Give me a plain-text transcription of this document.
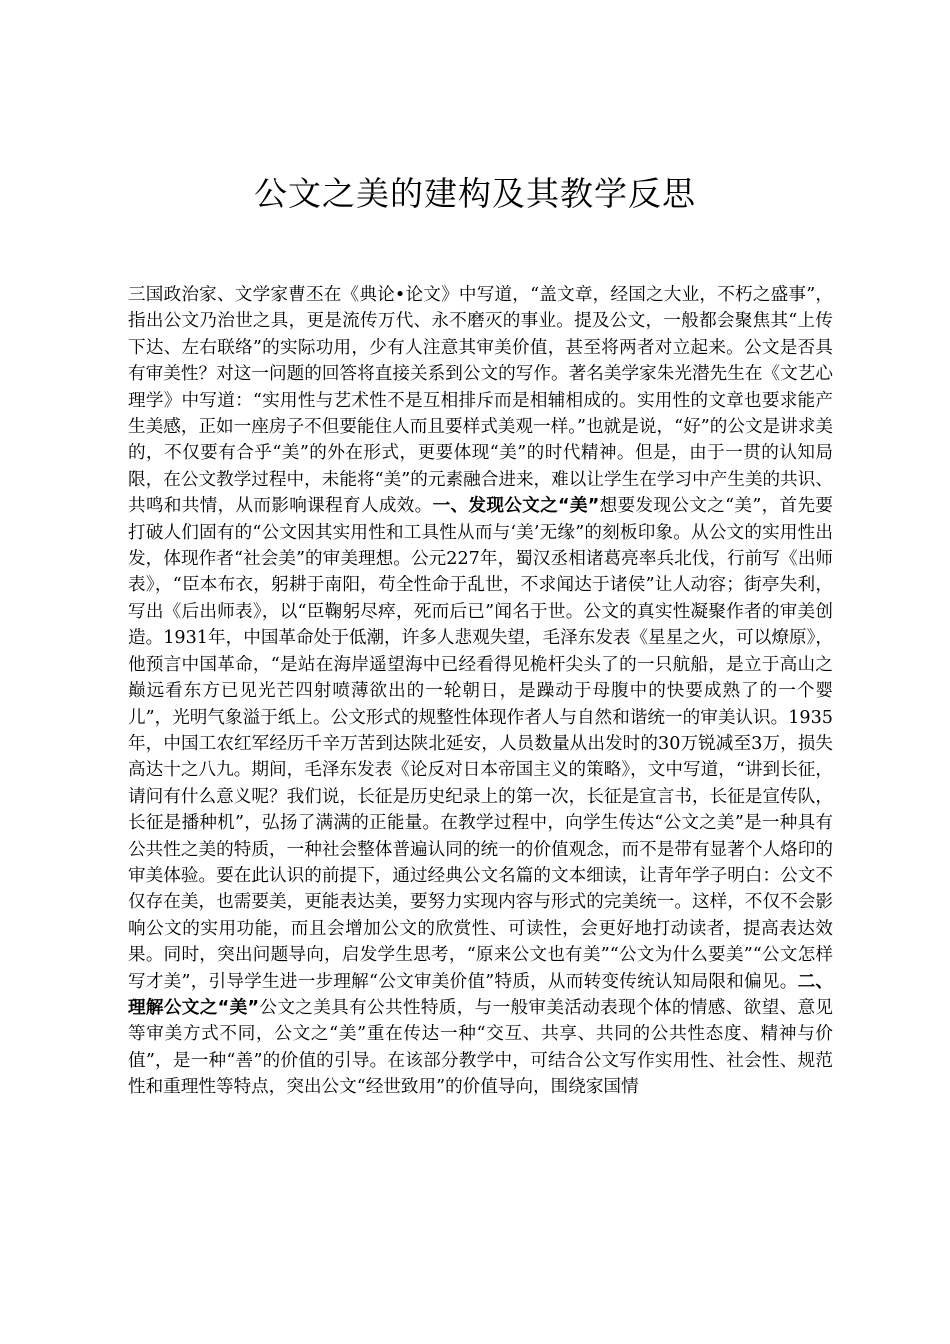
公文之美的建构及其教学反思

三国政治家、文学家曹丕在《典论•论文》中写道，“盖文章，经国之大业，不朽之盛事”，指出公文乃治世之具，更是流传万代、永不磨灭的事业。提及公文，一般都会聚焦其“上传下达、左右联络”的实际功用，少有人注意其审美价值，甚至将两者对立起来。公文是否具有审美性？对这一问题的回答将直接关系到公文的写作。著名美学家朱光潜先生在《文艺心理学》中写道：“实用性与艺术性不是互相排斥而是相辅相成的。实用性的文章也要求能产生美感，正如一座房子不但要能住人而且要样式美观一样。”也就是说，“好”的公文是讲求美的，不仅要有合乎“美”的外在形式，更要体现“美”的时代精神。但是，由于一贯的认知局限，在公文教学过程中，未能将“美”的元素融合进来，难以让学生在学习中产生美的共识、共鸣和共情，从而影响课程育人成效。一、发现公文之“美”想要发现公文之“美”，首先要打破人们固有的“公文因其实用性和工具性从而与‘美’无缘”的刻板印象。从公文的实用性出发，体现作者“社会美”的审美理想。公元227年，蜀汉丞相诸葛亮率兵北伐，行前写《出师表》，“臣本布衣，躬耕于南阳，苟全性命于乱世，不求闻达于诸侯”让人动容；街亭失利，写出《后出师表》，以“臣鞠躬尽瘁，死而后已”闻名于世。公文的真实性凝聚作者的审美创造。1931年，中国革命处于低潮，许多人悲观失望，毛泽东发表《星星之火，可以燎原》，他预言中国革命，“是站在海岸遥望海中已经看得见桅杆尖头了的一只航船，是立于高山之巅远看东方已见光芒四射喷薄欲出的一轮朝日，是躁动于母腹中的快要成熟了的一个婴儿”，光明气象溢于纸上。公文形式的规整性体现作者人与自然和谐统一的审美认识。1935年，中国工农红军经历千辛万苦到达陕北延安，人员数量从出发时的30万锐减至3万，损失高达十之八九。期间，毛泽东发表《论反对日本帝国主义的策略》，文中写道，“讲到长征，请问有什么意义呢？我们说，长征是历史纪录上的第一次，长征是宣言书，长征是宣传队，长征是播种机”，弘扬了满满的正能量。在教学过程中，向学生传达“公文之美”是一种具有公共性之美的特质，一种社会整体普遍认同的统一的价值观念，而不是带有显著个人烙印的审美体验。要在此认识的前提下，通过经典公文名篇的文本细读，让青年学子明白：公文不仅存在美，也需要美，更能表达美，要努力实现内容与形式的完美统一。这样，不仅不会影响公文的实用功能，而且会增加公文的欣赏性、可读性，会更好地打动读者，提高表达效果。同时，突出问题导向，启发学生思考，“原来公文也有美”“公文为什么要美”“公文怎样写才美”，引导学生进一步理解“公文审美价值”特质，从而转变传统认知局限和偏见。二、理解公文之“美”公文之美具有公共性特质，与一般审美活动表现个体的情感、欲望、意见等审美方式不同，公文之“美”重在传达一种“交互、共享、共同的公共性态度、精神与价值”，是一种“善”的价值的引导。在该部分教学中，可结合公文写作实用性、社会性、规范性和重理性等特点，突出公文“经世致用”的价值导向，围绕家国情
